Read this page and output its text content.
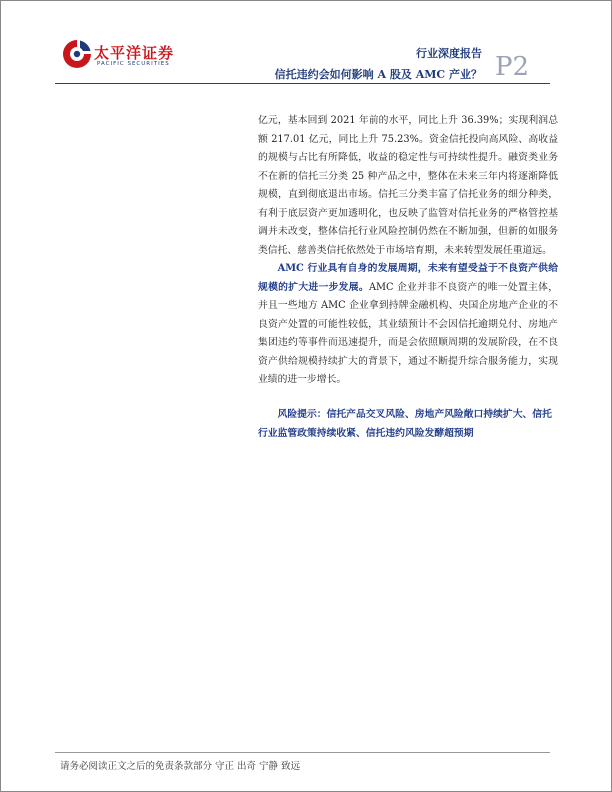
太平洋证券
PACIFIC SECURITIES
行业深度报告
信托违约会如何影响 A 股及 AMC 产业？ P2

亿元，基本回到 2021 年前的水平，同比上升 36.39%；实现利润总额 217.01 亿元，同比上升 75.23%。资金信托投向高风险、高收益的规模与占比有所降低，收益的稳定性与可持续性提升。融资类业务不在新的信托三分类 25 种产品之中，整体在未来三年内将逐渐降低规模，直到彻底退出市场。信托三分类丰富了信托业务的细分种类，有利于底层资产更加透明化，也反映了监管对信托业务的严格管控基调并未改变，整体信托行业风险控制仍然在不断加强，但新的如服务类信托、慈善类信托依然处于市场培育期，未来转型发展任重道远。

AMC 行业具有自身的发展周期，未来有望受益于不良资产供给规模的扩大进一步发展。AMC 企业并非不良资产的唯一处置主体，并且一些地方 AMC 企业拿到持牌金融机构、央国企房地产企业的不良资产处置的可能性较低，其业绩预计不会因信托逾期兑付、房地产集团违约等事件而迅速提升，而是会依照顺周期的发展阶段，在不良资产供给规模持续扩大的背景下，通过不断提升综合服务能力，实现业绩的进一步增长。

风险提示：信托产品交叉风险、房地产风险敞口持续扩大、信托行业监管政策持续收紧、信托违约风险发酵超预期

请务必阅读正文之后的免责条款部分 守正 出奇 宁静 致远
